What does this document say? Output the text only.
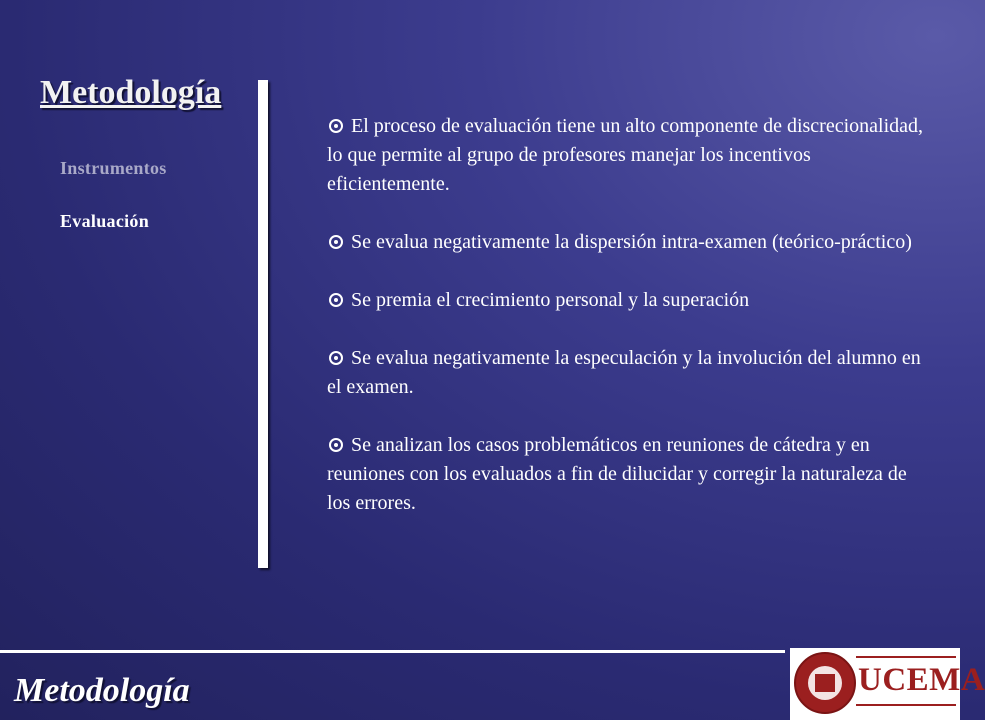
Metodología
Instrumentos
Evaluación
El proceso de evaluación tiene un alto componente de discrecionalidad, lo que permite al grupo de profesores manejar los incentivos eficientemente.
Se evalua negativamente la dispersión intra-examen (teórico-práctico)
Se premia el crecimiento personal y la superación
Se evalua negativamente la especulación y la involución del alumno en el examen.
Se analizan los casos problemáticos en reuniones de cátedra y en reuniones con los evaluados a fin de dilucidar y corregir la naturaleza de los errores.
Metodología	UCEMA
